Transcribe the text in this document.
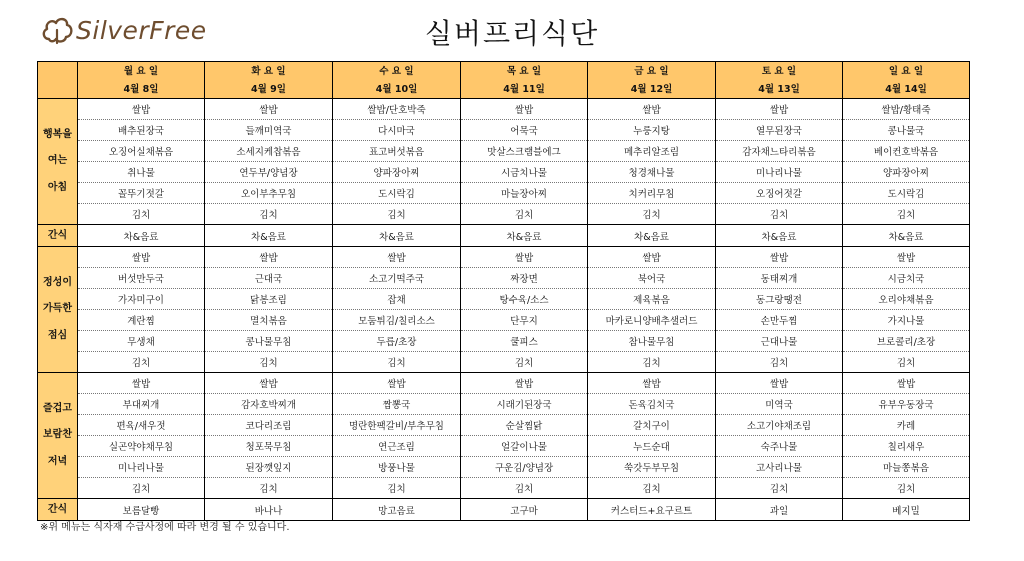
SilverFree	실버프리식단
	월 요 일	화 요 일	수 요 일	목 요 일	금 요 일	토 요 일	일 요 일
	4월 8일	4월 9일	4월 10일	4월 11일	4월 12일	4월 13일	4월 14일

행복을
여는
아침	쌀밥	쌀밥	쌀밥/단호박죽	쌀밥	쌀밥	쌀밥	쌀밥/황태죽
	배추된장국	들깨미역국	다시마국	어묵국	누룽지탕	열무된장국	콩나물국
	오징어실채볶음	소세지케찹볶음	표고버섯볶음	맛살스크램블에그	메추리알조림	감자채느타리볶음	베이컨호박볶음
	취나물	연두부/양념장	양파장아찌	시금치나물	청경채나물	미나리나물	양파장아찌
	꼴뚜기젓갈	오이부추무침	도시락김	마늘장아찌	치커리무침	오징어젓갈	도시락김
	김치	김치	김치	김치	김치	김치	김치

간식	차&음료	차&음료	차&음료	차&음료	차&음료	차&음료	차&음료

정성이
가득한
점심	쌀밥	쌀밥	쌀밥	쌀밥	쌀밥	쌀밥	쌀밥
	버섯만두국	근대국	소고기떡주국	짜장면	북어국	동태찌개	시금치국
	가자미구이	닭봉조림	잡채	탕수육/소스	제육볶음	동그랑땡전	오리야채볶음
	계란찜	멸치볶음	모둠튀김/칠리소스	단무지	마카로니양배추샐러드	손만두찜	가지나물
	무생채	콩나물무침	두릅/초장	쿨피스	참나물무침	근대나물	브로콜리/초장
	김치	김치	김치	김치	김치	김치	김치

즐겁고
보람찬
저녁	쌀밥	쌀밥	쌀밥	쌀밥	쌀밥	쌀밥	쌀밥
	부대찌개	감자호박찌개	짬뽕국	시래기된장국	돈육김치국	미역국	유부우동장국
	편육/새우젓	코다리조림	명란한팩갈비/부추무침	순살찜닭	갈치구이	소고기야채조림	카레
	실곤약야채무침	청포묵무침	연근조림	얼갈이나물	누드순대	숙주나물	칠리새우
	미나리나물	된장깻잎지	방풍나물	구운김/양념장	쑥갓두부무침	고사리나물	마늘쫑볶음
	김치	김치	김치	김치	김치	김치	김치

간식	보름달빵	바나나	망고음료	고구마	커스터드+요구르트	과일	베지밀
※위 메뉴는 식자재 수급사정에 따라 변경 될 수 있습니다.
